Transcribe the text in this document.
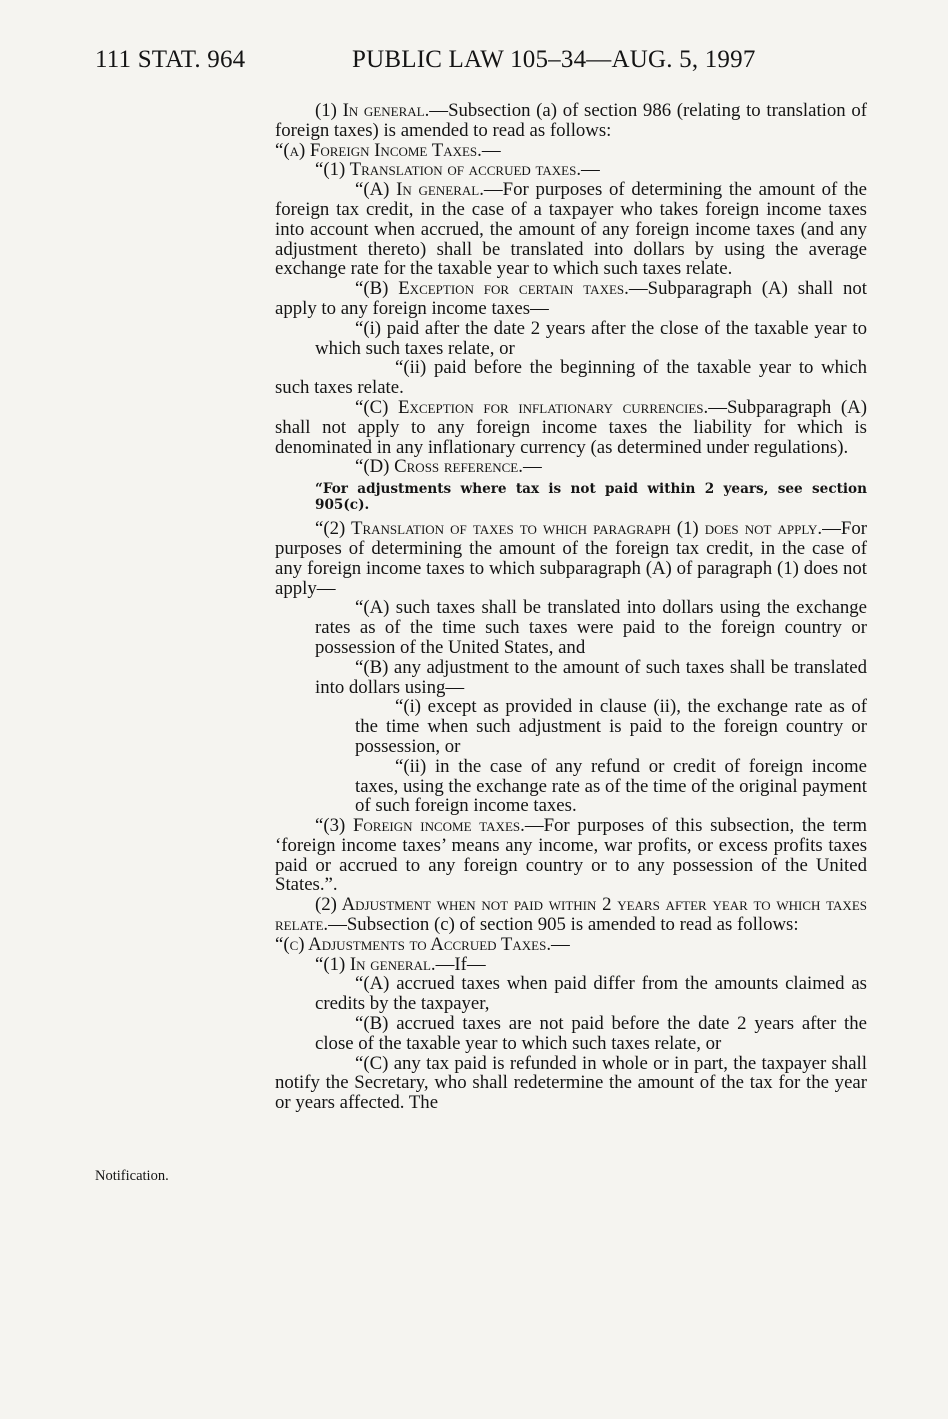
111 STAT. 964	PUBLIC LAW 105–34—AUG. 5, 1997
Notification.

(1) In general.—Subsection (a) of section 986 (relating to translation of foreign taxes) is amended to read as follows:

“(a) Foreign Income Taxes.—

“(1) Translation of accrued taxes.—

“(A) In general.—For purposes of determining the amount of the foreign tax credit, in the case of a taxpayer who takes foreign income taxes into account when accrued, the amount of any foreign income taxes (and any adjustment thereto) shall be translated into dollars by using the average exchange rate for the taxable year to which such taxes relate.

“(B) Exception for certain taxes.—Subparagraph (A) shall not apply to any foreign income taxes—

“(i) paid after the date 2 years after the close of the taxable year to which such taxes relate, or

“(ii) paid before the beginning of the taxable year to which such taxes relate.

“(C) Exception for inflationary currencies.—Subparagraph (A) shall not apply to any foreign income taxes the liability for which is denominated in any inflationary currency (as determined under regulations).

“(D) Cross reference.—

“For adjustments where tax is not paid within 2 years, see section 905(c).

“(2) Translation of taxes to which paragraph (1) does not apply.—For purposes of determining the amount of the foreign tax credit, in the case of any foreign income taxes to which subparagraph (A) of paragraph (1) does not apply—

“(A) such taxes shall be translated into dollars using the exchange rates as of the time such taxes were paid to the foreign country or possession of the United States, and

“(B) any adjustment to the amount of such taxes shall be translated into dollars using—

“(i) except as provided in clause (ii), the exchange rate as of the time when such adjustment is paid to the foreign country or possession, or

“(ii) in the case of any refund or credit of foreign income taxes, using the exchange rate as of the time of the original payment of such foreign income taxes.

“(3) Foreign income taxes.—For purposes of this subsection, the term ‘foreign income taxes’ means any income, war profits, or excess profits taxes paid or accrued to any foreign country or to any possession of the United States.”.

(2) Adjustment when not paid within 2 years after year to which taxes relate.—Subsection (c) of section 905 is amended to read as follows:

“(c) Adjustments to Accrued Taxes.—

“(1) In general.—If—

“(A) accrued taxes when paid differ from the amounts claimed as credits by the taxpayer,

“(B) accrued taxes are not paid before the date 2 years after the close of the taxable year to which such taxes relate, or

“(C) any tax paid is refunded in whole or in part, the taxpayer shall notify the Secretary, who shall redetermine the amount of the tax for the year or years affected. The
